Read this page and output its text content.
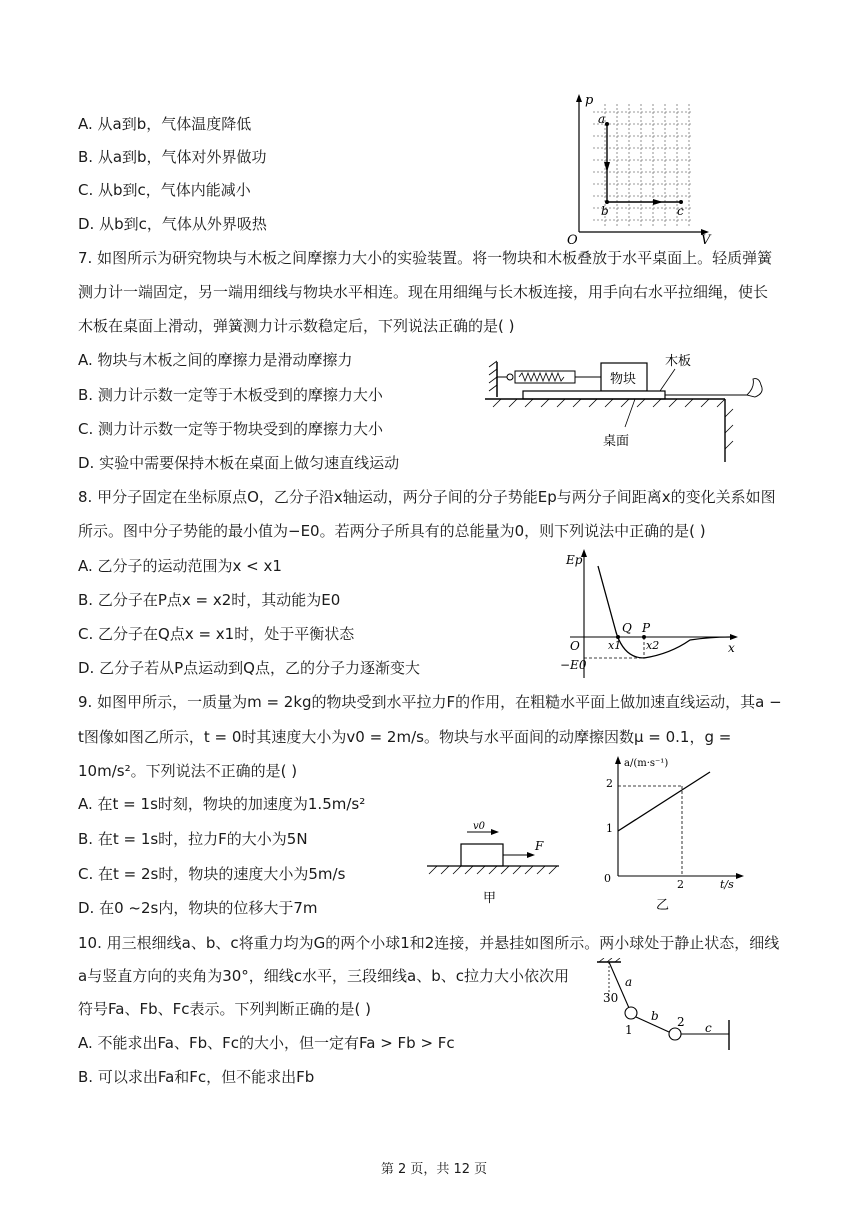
A. 从a到b，气体温度降低
B. 从a到b，气体对外界做功
C. 从b到c，气体内能减小
D. 从b到c，气体从外界吸热
p
V
O
a
b	c
7. 如图所示为研究物块与木板之间摩擦力大小的实验装置。将一物块和木板叠放于水平桌面上。轻质弹簧
测力计一端固定，另一端用细线与物块水平相连。现在用细绳与长木板连接，用手向右水平拉细绳，使长
木板在桌面上滑动，弹簧测力计示数稳定后，下列说法正确的是( )
A. 物块与木板之间的摩擦力是滑动摩擦力
B. 测力计示数一定等于木板受到的摩擦力大小
C. 测力计示数一定等于物块受到的摩擦力大小
D. 实验中需要保持木板在桌面上做匀速直线运动
物块
木板
桌面
8. 甲分子固定在坐标原点O，乙分子沿x轴运动，两分子间的分子势能Ep与两分子间距离x的变化关系如图
所示。图中分子势能的最小值为−E0。若两分子所具有的总能量为0，则下列说法中正确的是( )
A. 乙分子的运动范围为x < x1
B. 乙分子在P点x = x2时，其动能为E0
C. 乙分子在Q点x = x1时，处于平衡状态
D. 乙分子若从P点运动到Q点，乙的分子力逐渐变大
Ep
x
O
Q P
x1 x2
−E0
9. 如图甲所示，一质量为m = 2kg的物块受到水平拉力F的作用，在粗糙水平面上做加速直线运动，其a −
t图像如图乙所示，t = 0时其速度大小为v0 = 2m/s。物块与水平面间的动摩擦因数μ = 0.1，g =
10m/s²。下列说法不正确的是( )
A. 在t = 1s时刻，物块的加速度为1.5m/s²
B. 在t = 1s时，拉力F的大小为5N
C. 在t = 2s时，物块的速度大小为5m/s
D. 在0 ~2s内，物块的位移大于7m
v0
F
甲
a/(m·s⁻¹)
t/s
0
1
2
2
乙
10. 用三根细线a、b、c将重力均为G的两个小球1和2连接，并悬挂如图所示。两小球处于静止状态，细线
a与竖直方向的夹角为30°，细线c水平，三段细线a、b、c拉力大小依次用
符号Fa、Fb、Fc表示。下列判断正确的是( )
A. 不能求出Fa、Fb、Fc的大小，但一定有Fa > Fb > Fc
B. 可以求出Fa和Fc，但不能求出Fb
30
a
b
c
1
2
第 2 页，共 12 页
